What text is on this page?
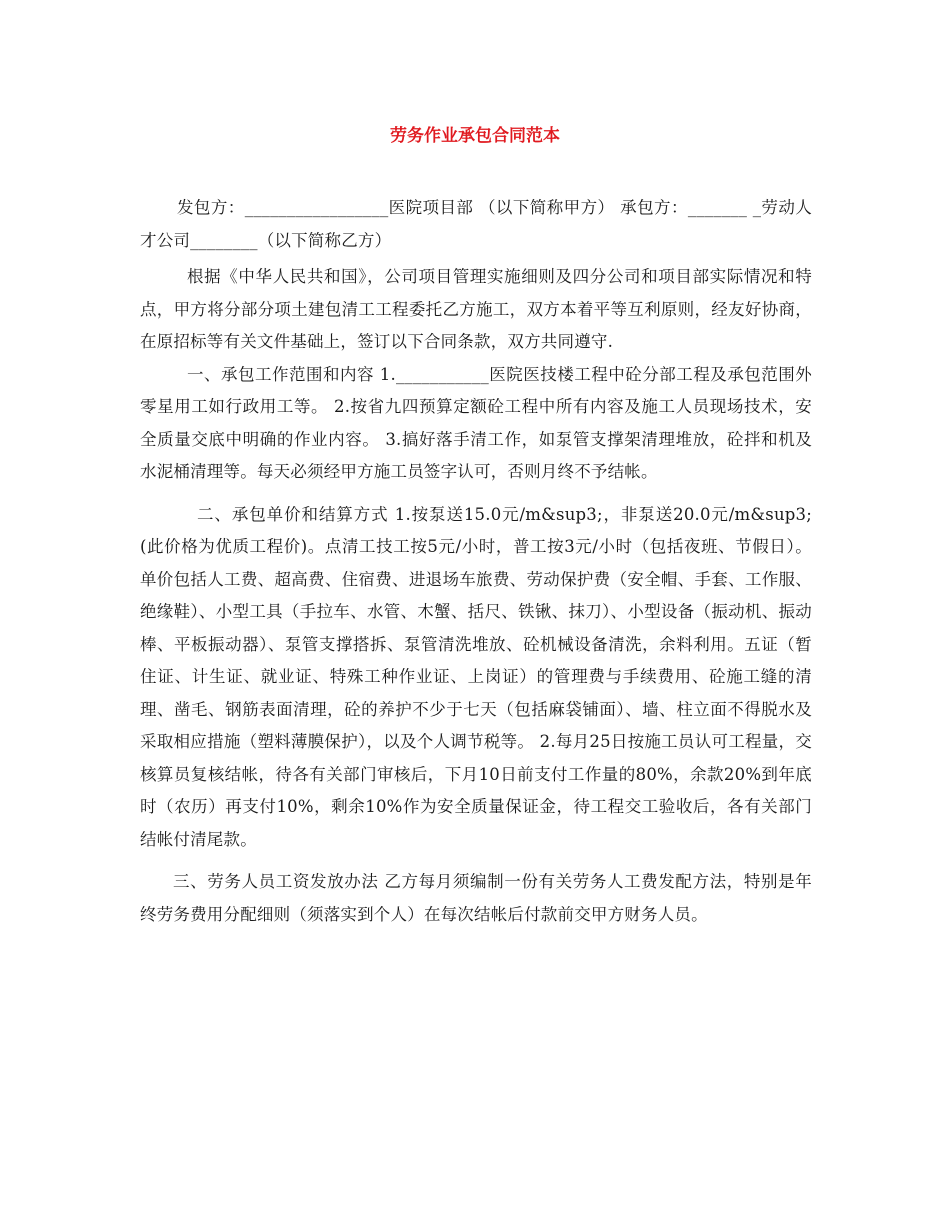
劳务作业承包合同范本

发包方：_________________医院项目部 （以下简称甲方） 承包方：_______ _劳动人才公司________（以下简称乙方）

根据《中华人民共和国》，公司项目管理实施细则及四分公司和项目部实际情况和特点，甲方将分部分项土建包清工工程委托乙方施工，双方本着平等互利原则，经友好协商，在原招标等有关文件基础上，签订以下合同条款，双方共同遵守.

一、承包工作范围和内容 1.___________医院医技楼工程中砼分部工程及承包范围外零星用工如行政用工等。 2.按省九四预算定额砼工程中所有内容及施工人员现场技术，安全质量交底中明确的作业内容。 3.搞好落手清工作，如泵管支撑架清理堆放，砼拌和机及水泥桶清理等。每天必须经甲方施工员签字认可，否则月终不予结帐。

二、承包单价和结算方式 1.按泵送15.0元/m&sup3;，非泵送20.0元/m&sup3;(此价格为优质工程价)。点清工技工按5元/小时，普工按3元/小时（包括夜班、节假日）。单价包括人工费、超高费、住宿费、进退场车旅费、劳动保护费（安全帽、手套、工作服、绝缘鞋）、小型工具（手拉车、水管、木蟹、括尺、铁锹、抹刀）、小型设备（振动机、振动棒、平板振动器）、泵管支撑搭拆、泵管清洗堆放、砼机械设备清洗，余料利用。五证（暂住证、计生证、就业证、特殊工种作业证、上岗证）的管理费与手续费用、砼施工缝的清理、凿毛、钢筋表面清理，砼的养护不少于七天（包括麻袋铺面）、墙、柱立面不得脱水及采取相应措施（塑料薄膜保护），以及个人调节税等。 2.每月25日按施工员认可工程量，交核算员复核结帐，待各有关部门审核后，下月10日前支付工作量的80%，余款20%到年底时（农历）再支付10%，剩余10%作为安全质量保证金，待工程交工验收后，各有关部门结帐付清尾款。

三、劳务人员工资发放办法 乙方每月须编制一份有关劳务人工费发配方法，特别是年终劳务费用分配细则（须落实到个人）在每次结帐后付款前交甲方财务人员。
